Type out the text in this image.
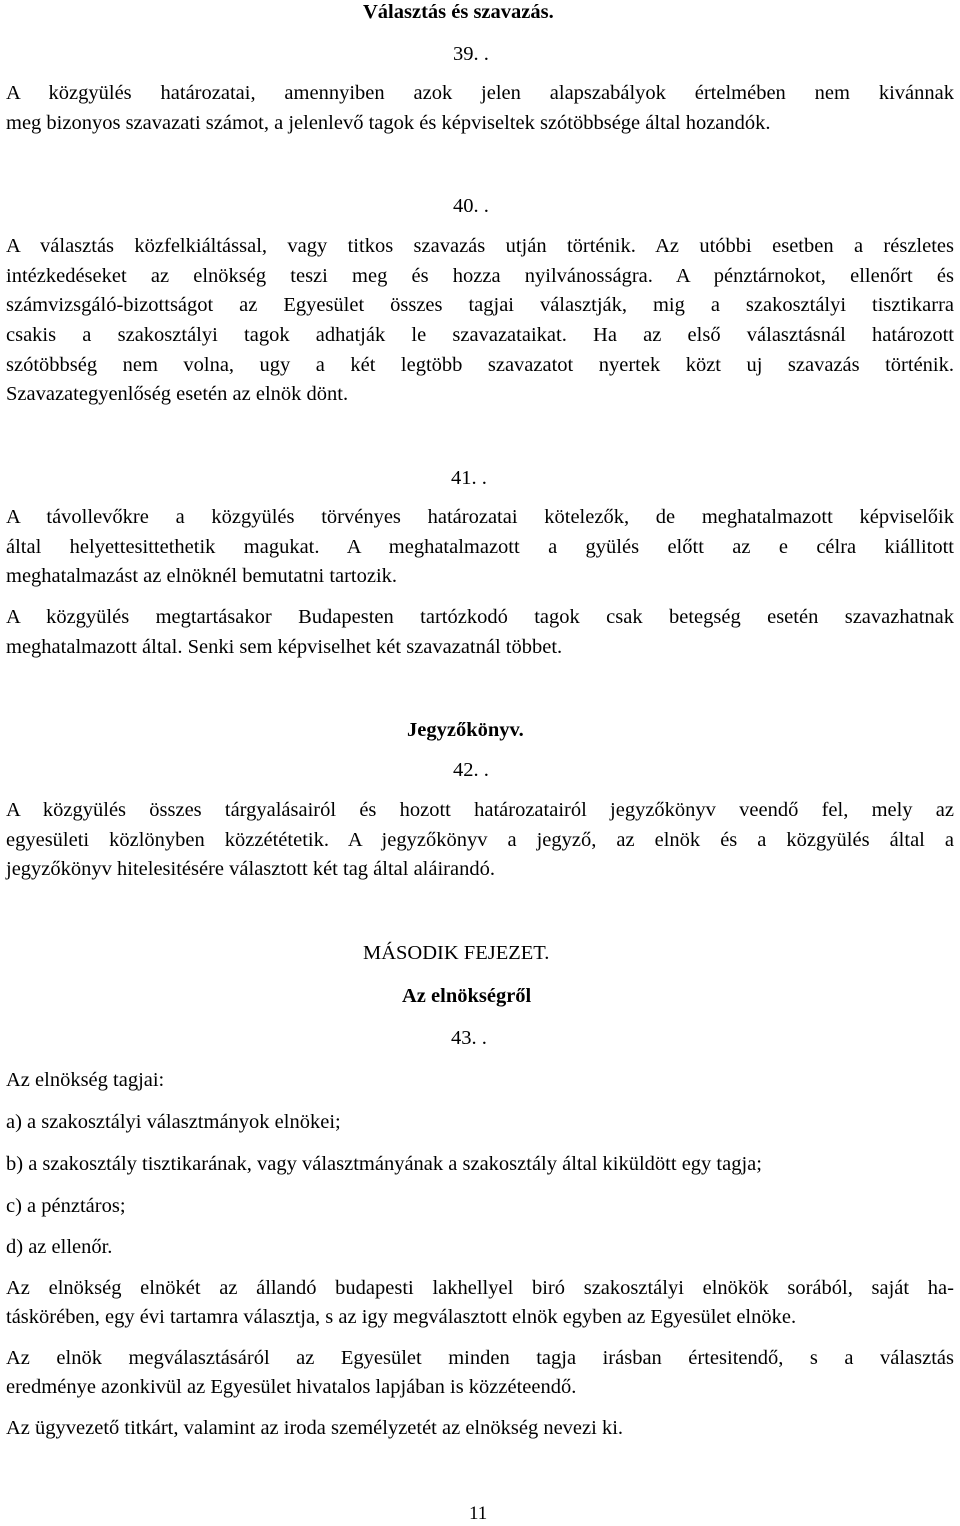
Választás és szavazás.
39. .
A közgyülés határozatai, amennyiben azok jelen alapszabályok értelmében nem kivánnak
meg bizonyos szavazati számot, a jelenlevő tagok és képviseltek szótöbbsége által hozandók.
40. .
A választás közfelkiáltással, vagy titkos szavazás utján történik. Az utóbbi esetben a részletes
intézkedéseket az elnökség teszi meg és hozza nyilvánosságra. A pénztárnokot, ellenőrt és
számvizsgáló-bizottságot az Egyesület összes tagjai választják, mig a szakosztályi tisztikarra
csakis a szakosztályi tagok adhatják le szavazataikat. Ha az első választásnál határozott
szótöbbség nem volna, ugy a két legtöbb szavazatot nyertek közt uj szavazás történik.
Szavazategyenlőség esetén az elnök dönt.
41. .
A távollevőkre a közgyülés törvényes határozatai kötelezők, de meghatalmazott képviselőik
által helyettesittethetik magukat. A meghatalmazott a gyülés előtt az e célra kiállitott
meghatalmazást az elnöknél bemutatni tartozik.
A közgyülés megtartásakor Budapesten tartózkodó tagok csak betegség esetén szavazhatnak
meghatalmazott által. Senki sem képviselhet két szavazatnál többet.
Jegyzőkönyv.
42. .
A közgyülés összes tárgyalásairól és hozott határozatairól jegyzőkönyv veendő fel, mely az
egyesületi közlönyben közzététetik. A jegyzőkönyv a jegyző, az elnök és a közgyülés által a
jegyzőkönyv hitelesitésére választott két tag által aláirandó.
MÁSODIK FEJEZET.
Az elnökségről
43. .
Az elnökség tagjai:
a) a szakosztályi választmányok elnökei;
b) a szakosztály tisztikarának, vagy választmányának a szakosztály által kiküldött egy tagja;
c) a pénztáros;
d) az ellenőr.
Az elnökség elnökét az állandó budapesti lakhellyel biró szakosztályi elnökök sorából, saját ha-
táskörében, egy évi tartamra választja, s az igy megválasztott elnök egyben az Egyesület elnöke.
Az elnök megválasztásáról az Egyesület minden tagja irásban értesitendő, s a választás
eredménye azonkivül az Egyesület hivatalos lapjában is közzéteendő.
Az ügyvezető titkárt, valamint az iroda személyzetét az elnökség nevezi ki.
11
